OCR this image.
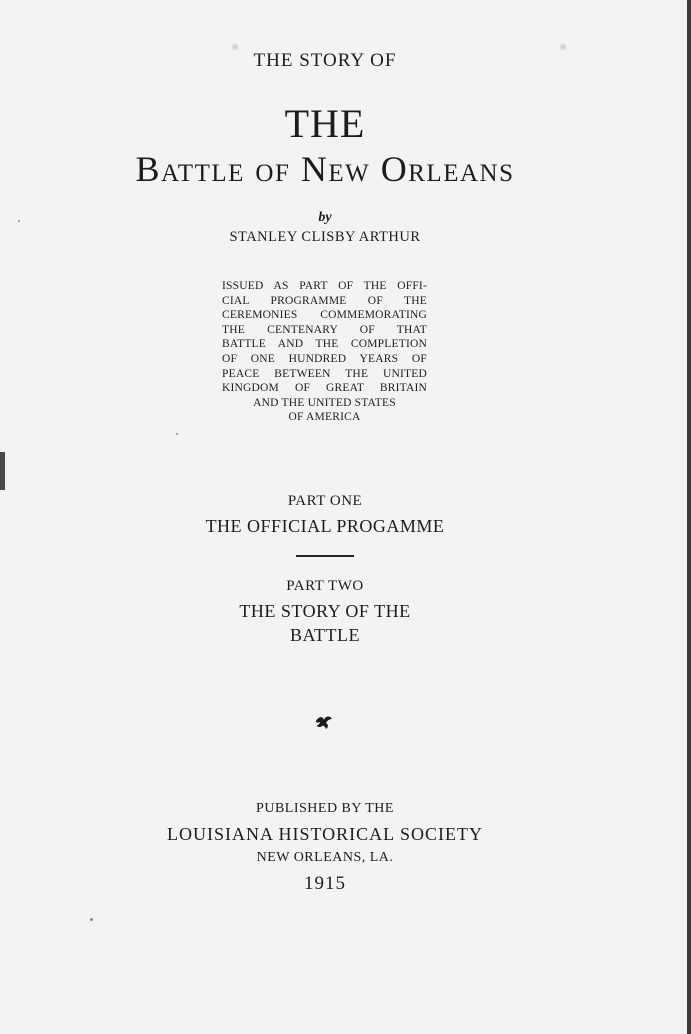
THE STORY OF
THE
Battle of New Orleans
by
STANLEY CLISBY ARTHUR
ISSUED AS PART OF THE OFFI-
CIAL PROGRAMME OF THE
CEREMONIES COMMEMORATING
THE CENTENARY OF THAT
BATTLE AND THE COMPLETION
OF ONE HUNDRED YEARS OF
PEACE BETWEEN THE UNITED
KINGDOM OF GREAT BRITAIN
AND THE UNITED STATES
OF AMERICA
PART ONE
THE OFFICIAL PROGAMME
PART TWO
THE STORY OF THE
BATTLE
PUBLISHED BY THE
LOUISIANA HISTORICAL SOCIETY
NEW ORLEANS, LA.
1915
